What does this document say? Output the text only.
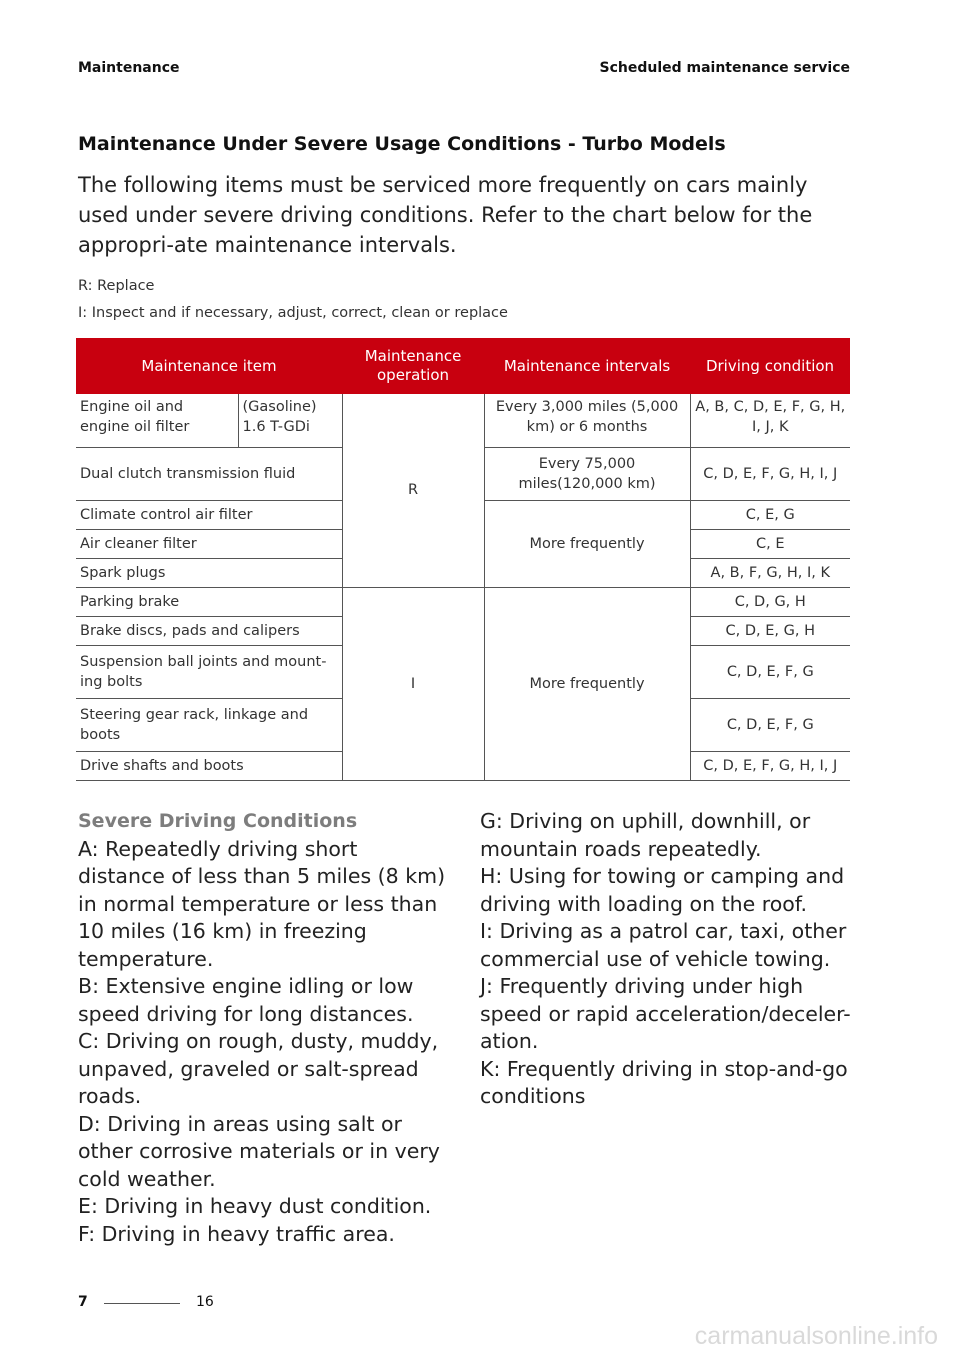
Maintenance	Scheduled maintenance service
Maintenance Under Severe Usage Conditions - Turbo Models
The following items must be serviced more frequently on cars mainly used under severe driving conditions. Refer to the chart below for the appropri-ate maintenance intervals.
R: Replace
I: Inspect and if necessary, adjust, correct, clean or replace
Maintenance item		Maintenance operation	Maintenance intervals	Driving condition
Engine oil and engine oil filter	(Gasoline) 1.6 T-GDi	R	Every 3,000 miles (5,000 km) or 6 months	A, B, C, D, E, F, G, H, I, J, K
Dual clutch transmission fluid			Every 75,000 miles(120,000 km)	C, D, E, F, G, H, I, J
Climate control air filter			More frequently	C, E, G
Air cleaner filter				C, E
Spark plugs				A, B, F, G, H, I, K
Parking brake		I	More frequently	C, D, G, H
Brake discs, pads and calipers				C, D, E, G, H
Suspension ball joints and mount-ing bolts				C, D, E, F, G
Steering gear rack, linkage and boots				C, D, E, F, G
Drive shafts and boots				C, D, E, F, G, H, I, J
Severe Driving Conditions
A: Repeatedly driving short distance of less than 5 miles (8 km) in normal temperature or less than 10 miles (16 km) in freezing temperature.
B: Extensive engine idling or low speed driving for long distances.
C: Driving on rough, dusty, muddy, unpaved, graveled or salt-spread roads.
D: Driving in areas using salt or other corrosive materials or in very cold weather.
E: Driving in heavy dust condition.
F: Driving in heavy traffic area.
G: Driving on uphill, downhill, or mountain roads repeatedly.
H: Using for towing or camping and driving with loading on the roof.
I: Driving as a patrol car, taxi, other commercial use of vehicle towing.
J: Frequently driving under high speed or rapid acceleration/deceler-ation.
K: Frequently driving in stop-and-go conditions
7	16
carmanualsonline.info
